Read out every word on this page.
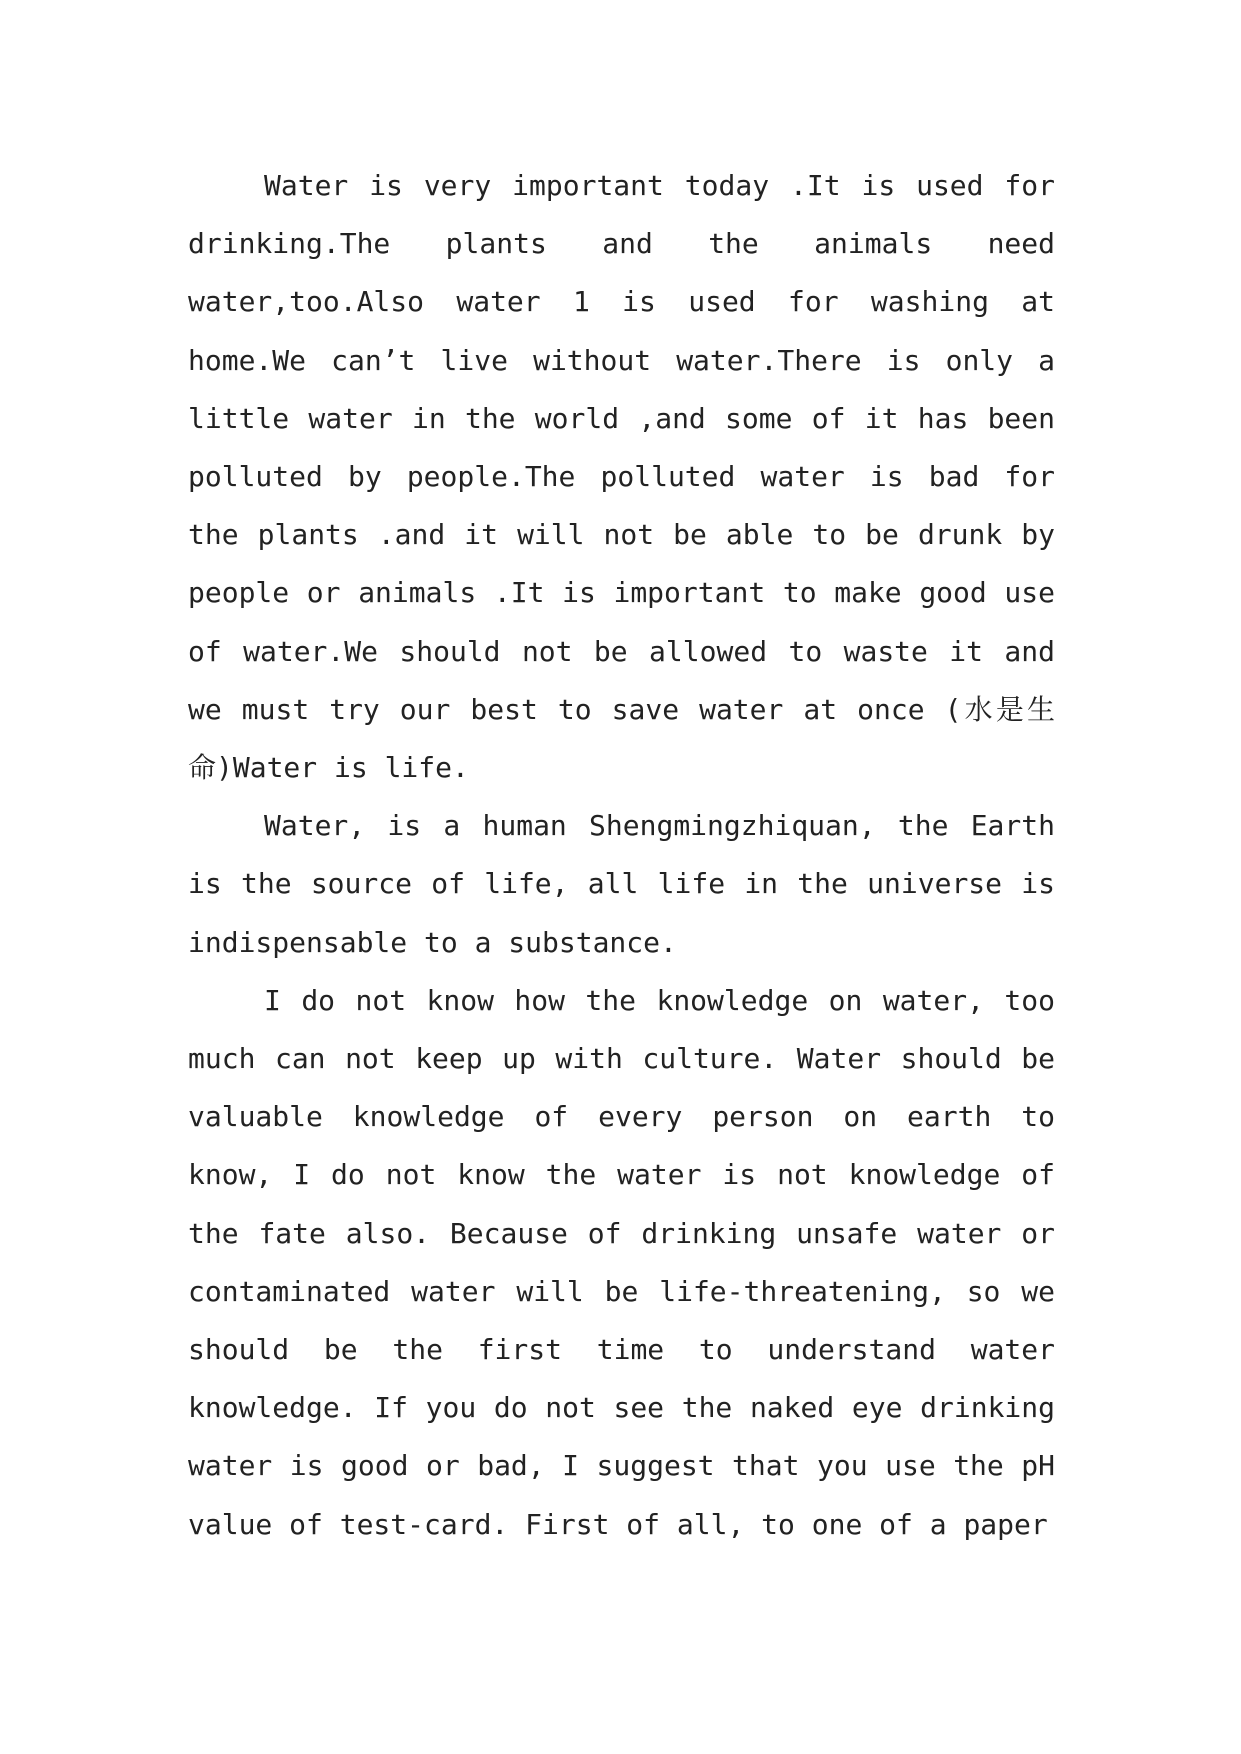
Water is very important today .It is used for drinking.The plants and the animals need water,too.Also water 1 is used for washing at home.We can’t live without water.There is only a little water in the world ,and some of it has been polluted by people.The polluted water is bad for the plants .and it will not be able to be drunk by people or animals .It is important to make good use of water.We should not be allowed to waste it and we must try our best to save water at once (水是生命)Water is life.

Water, is a human Shengmingzhiquan, the Earth is the source of life, all life in the universe is indispensable to a substance.

I do not know how the knowledge on water, too much can not keep up with culture. Water should be valuable knowledge of every person on earth to know, I do not know the water is not knowledge of the fate also. Because of drinking unsafe water or contaminated water will be life-threatening, so we should be the first time to understand water knowledge. If you do not see the naked eye drinking water is good or bad, I suggest that you use the pH value of test-card. First of all, to one of a paper
